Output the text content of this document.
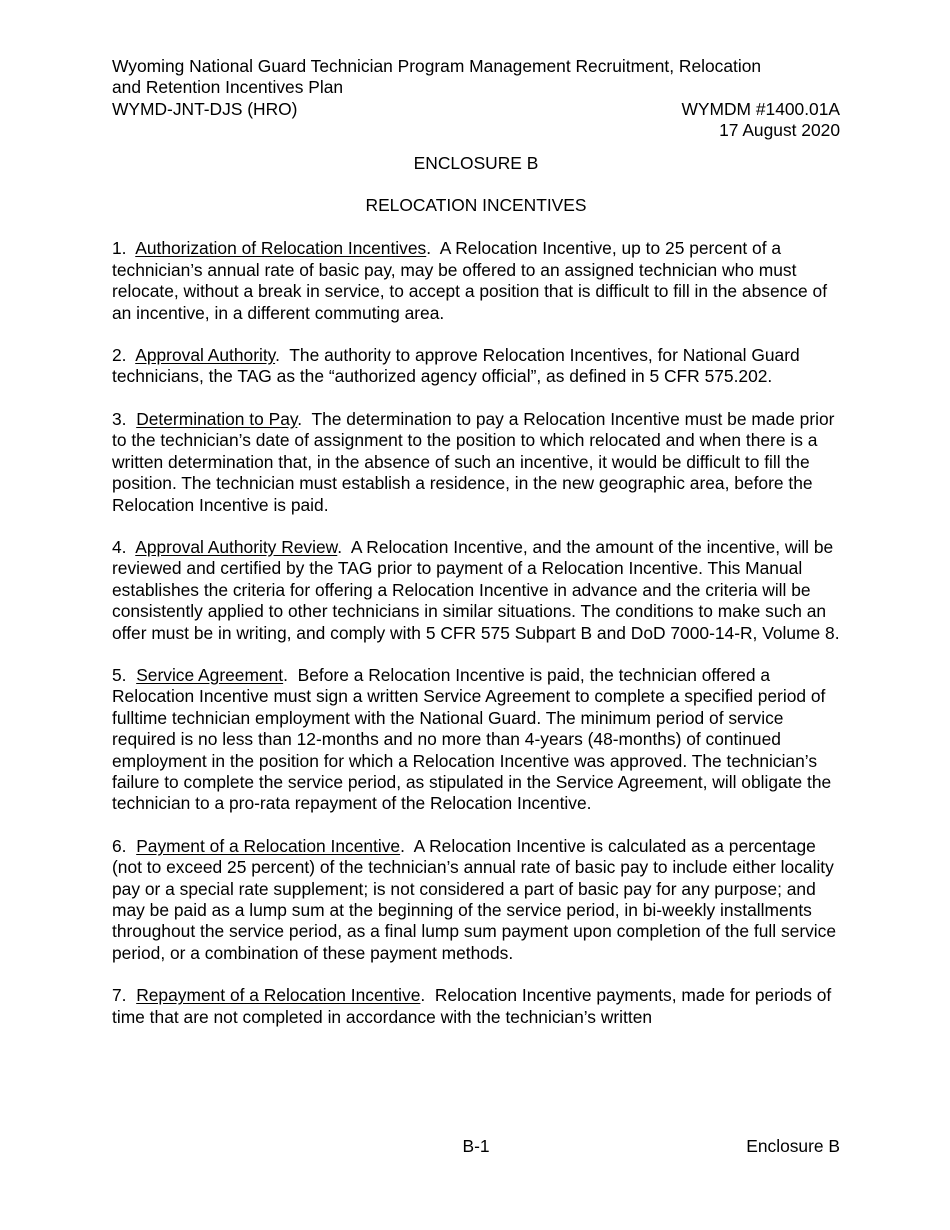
Wyoming National Guard Technician Program Management Recruitment, Relocation
and Retention Incentives Plan
WYMD-JNT-DJS (HRO)	WYMDM #1400.01A
17 August 2020
ENCLOSURE B
RELOCATION INCENTIVES
1. Authorization of Relocation Incentives.  A Relocation Incentive, up to 25 percent of a technician’s annual rate of basic pay, may be offered to an assigned technician who must relocate, without a break in service, to accept a position that is difficult to fill in the absence of an incentive, in a different commuting area.
2. Approval Authority.  The authority to approve Relocation Incentives, for National Guard technicians, the TAG as the “authorized agency official”, as defined in 5 CFR 575.202.
3. Determination to Pay.  The determination to pay a Relocation Incentive must be made prior to the technician’s date of assignment to the position to which relocated and when there is a written determination that, in the absence of such an incentive, it would be difficult to fill the position. The technician must establish a residence, in the new geographic area, before the Relocation Incentive is paid.
4. Approval Authority Review.  A Relocation Incentive, and the amount of the incentive, will be reviewed and certified by the TAG prior to payment of a Relocation Incentive. This Manual establishes the criteria for offering a Relocation Incentive in advance and the criteria will be consistently applied to other technicians in similar situations. The conditions to make such an offer must be in writing, and comply with 5 CFR 575 Subpart B and DoD 7000-14-R, Volume 8.
5. Service Agreement.  Before a Relocation Incentive is paid, the technician offered a Relocation Incentive must sign a written Service Agreement to complete a specified period of fulltime technician employment with the National Guard. The minimum period of service required is no less than 12-months and no more than 4-years (48-months) of continued employment in the position for which a Relocation Incentive was approved. The technician’s failure to complete the service period, as stipulated in the Service Agreement, will obligate the technician to a pro-rata repayment of the Relocation Incentive.
6. Payment of a Relocation Incentive.  A Relocation Incentive is calculated as a percentage (not to exceed 25 percent) of the technician’s annual rate of basic pay to include either locality pay or a special rate supplement; is not considered a part of basic pay for any purpose; and may be paid as a lump sum at the beginning of the service period, in bi-weekly installments throughout the service period, as a final lump sum payment upon completion of the full service period, or a combination of these payment methods.
7. Repayment of a Relocation Incentive.  Relocation Incentive payments, made for periods of time that are not completed in accordance with the technician’s written
B-1	Enclosure B
